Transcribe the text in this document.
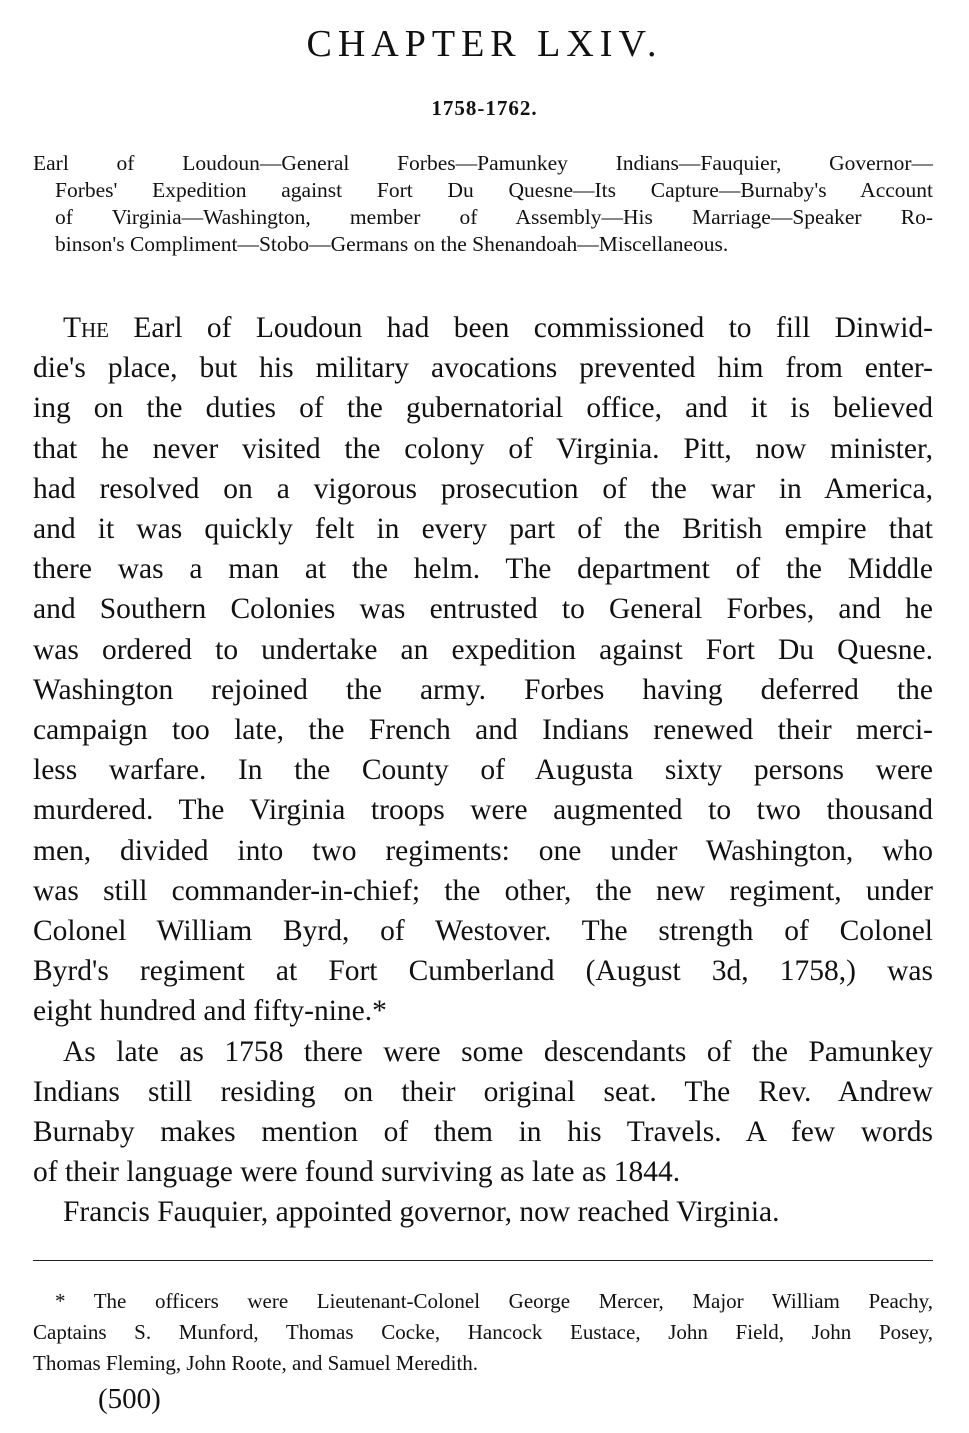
CHAPTER LXIV.
1758-1762.
Earl of Loudoun—General Forbes—Pamunkey Indians—Fauquier, Governor—
Forbes' Expedition against Fort Du Quesne—Its Capture—Burnaby's Account
of Virginia—Washington, member of Assembly—His Marriage—Speaker Ro-
binson's Compliment—Stobo—Germans on the Shenandoah—Miscellaneous.
The Earl of Loudoun had been commissioned to fill Dinwid-
die's place, but his military avocations prevented him from enter-
ing on the duties of the gubernatorial office, and it is believed
that he never visited the colony of Virginia. Pitt, now minister,
had resolved on a vigorous prosecution of the war in America,
and it was quickly felt in every part of the British empire that
there was a man at the helm. The department of the Middle
and Southern Colonies was entrusted to General Forbes, and he
was ordered to undertake an expedition against Fort Du Quesne.
Washington rejoined the army. Forbes having deferred the
campaign too late, the French and Indians renewed their merci-
less warfare. In the County of Augusta sixty persons were
murdered. The Virginia troops were augmented to two thousand
men, divided into two regiments: one under Washington, who
was still commander-in-chief; the other, the new regiment, under
Colonel William Byrd, of Westover. The strength of Colonel
Byrd's regiment at Fort Cumberland (August 3d, 1758,) was
eight hundred and fifty-nine.*
As late as 1758 there were some descendants of the Pamunkey
Indians still residing on their original seat. The Rev. Andrew
Burnaby makes mention of them in his Travels. A few words
of their language were found surviving as late as 1844.
Francis Fauquier, appointed governor, now reached Virginia.
* The officers were Lieutenant-Colonel George Mercer, Major William Peachy,
Captains S. Munford, Thomas Cocke, Hancock Eustace, John Field, John Posey,
Thomas Fleming, John Roote, and Samuel Meredith.
(500)
